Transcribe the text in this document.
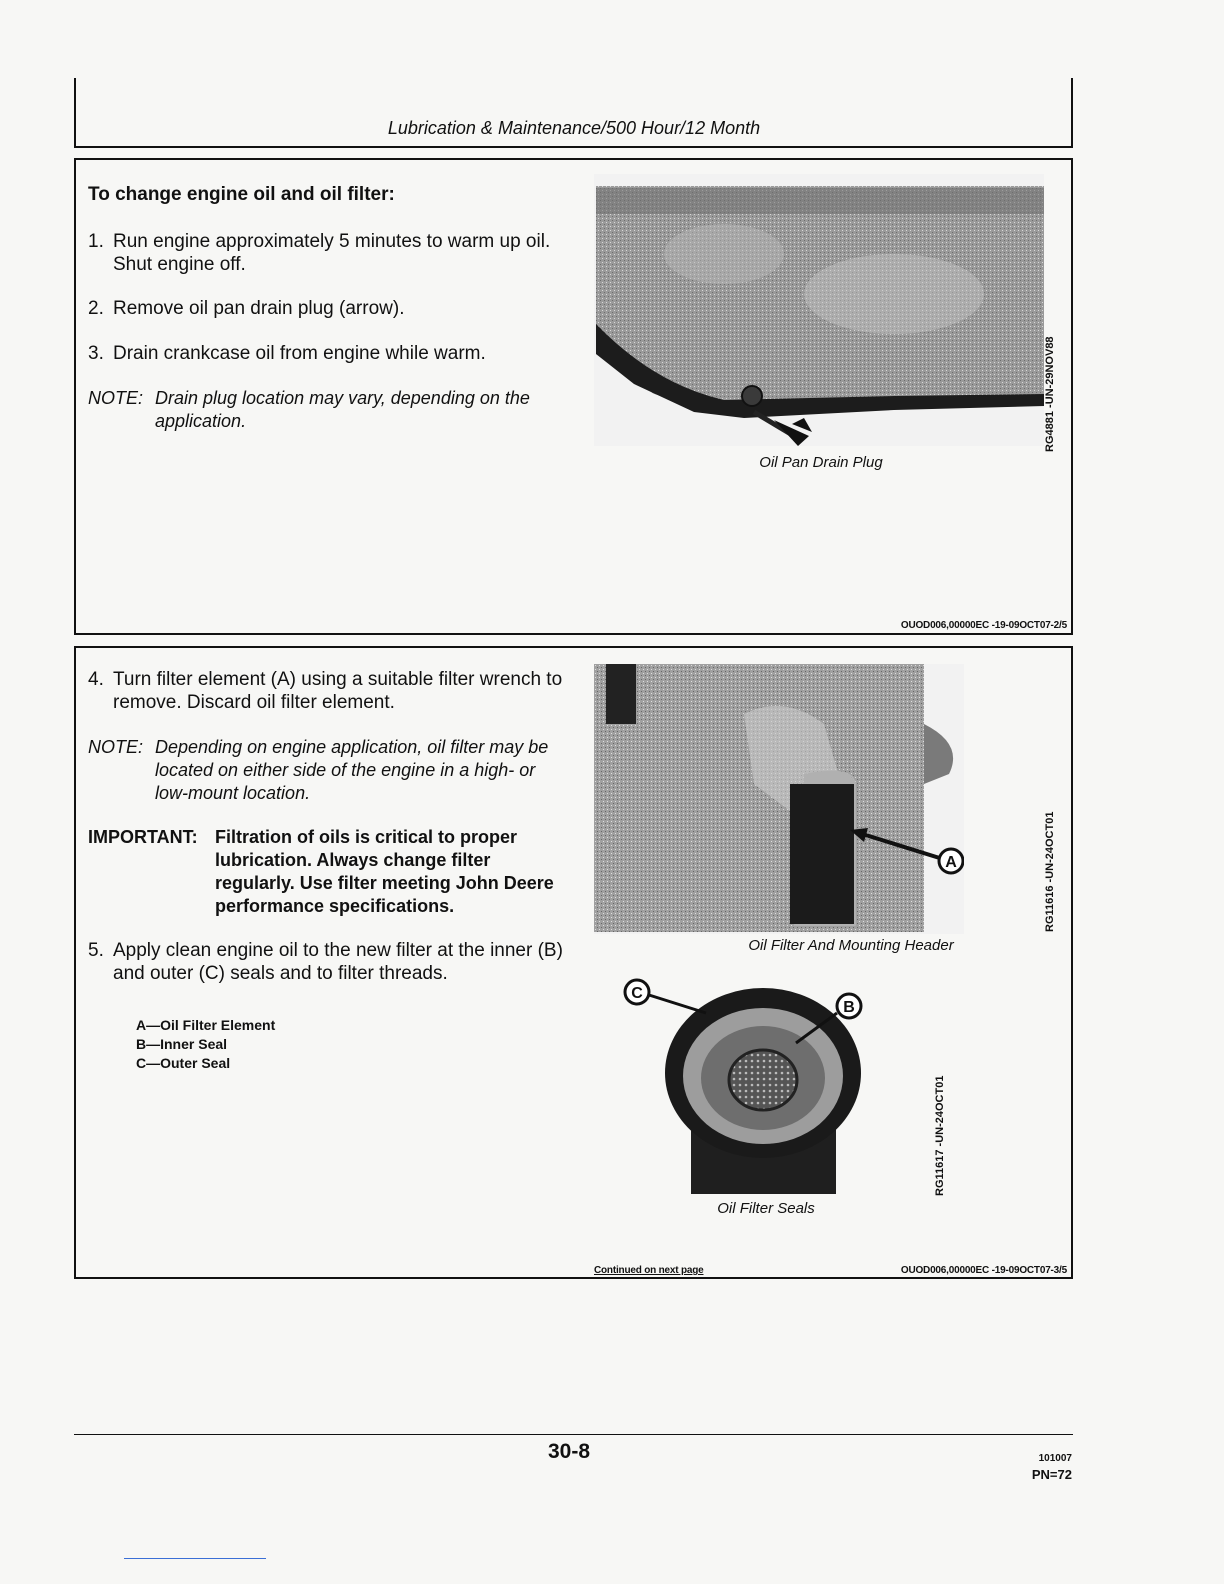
Lubrication & Maintenance/500 Hour/12 Month
To change engine oil and oil filter:
1. Run engine approximately 5 minutes to warm up oil.
Shut engine off.
2. Remove oil pan drain plug (arrow).
3. Drain crankcase oil from engine while warm.
NOTE: Drain plug location may vary, depending on the
application.	RG4881 -UN-29NOV88
Oil Pan Drain Plug
OUOD006,00000EC -19-09OCT07-2/5
4. Turn filter element (A) using a suitable filter wrench to
remove. Discard oil filter element.
NOTE: Depending on engine application, oil filter may be
located on either side of the engine in a high- or
low-mount location.
IMPORTANT: Filtration of oils is critical to proper
lubrication. Always change filter
regularly. Use filter meeting John Deere
performance specifications.
5. Apply clean engine oil to the new filter at the inner (B)
and outer (C) seals and to filter threads.
A—Oil Filter Element
B—Inner Seal
C—Outer Seal
A	RG11616 -UN-24OCT01
Oil Filter And Mounting Header
C
B
RG11617 -UN-24OCT01
Oil Filter Seals
Continued on next page	OUOD006,00000EC -19-09OCT07-3/5
30-8	101007
PN=72
